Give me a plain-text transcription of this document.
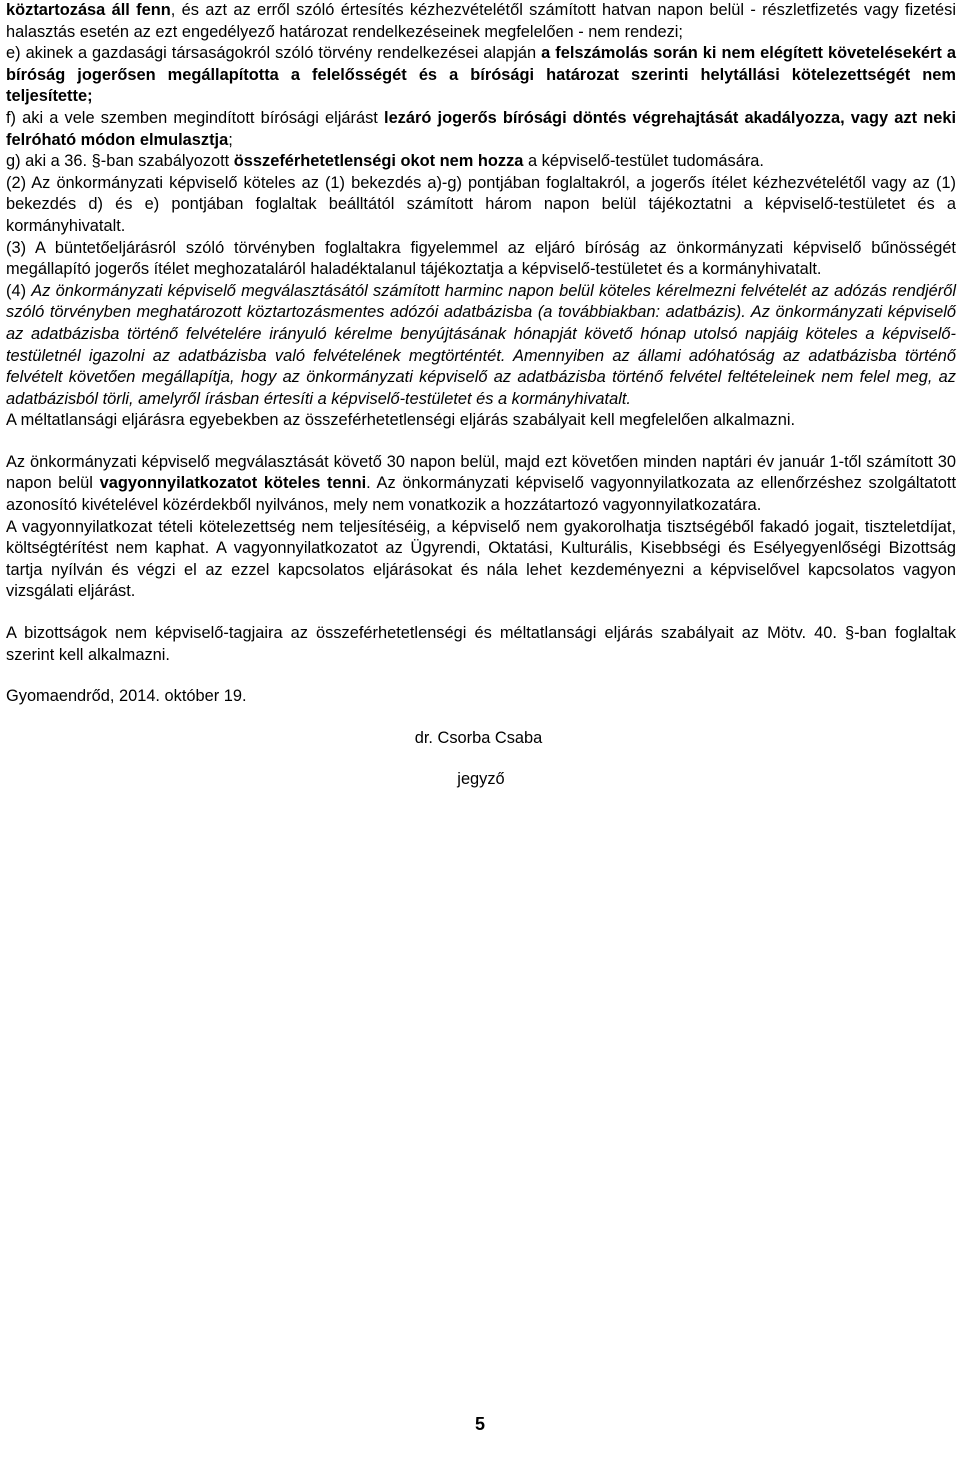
köztartozása áll fenn, és azt az erről szóló értesítés kézhezvételétől számított hatvan napon belül - részletfizetés vagy fizetési halasztás esetén az ezt engedélyező határozat rendelkezéseinek megfelelően - nem rendezi;

e) akinek a gazdasági társaságokról szóló törvény rendelkezései alapján a felszámolás során ki nem elégített követelésekért a bíróság jogerősen megállapította a felelősségét és a bírósági határozat szerinti helytállási kötelezettségét nem teljesítette;

f) aki a vele szemben megindított bírósági eljárást lezáró jogerős bírósági döntés végrehajtását akadályozza, vagy azt neki felróható módon elmulasztja;

g) aki a 36. §-ban szabályozott összeférhetetlenségi okot nem hozza a képviselő-testület tudomására.

(2) Az önkormányzati képviselő köteles az (1) bekezdés a)-g) pontjában foglaltakról, a jogerős ítélet kézhezvételétől vagy az (1) bekezdés d) és e) pontjában foglaltak beálltától számított három napon belül tájékoztatni a képviselő-testületet és a kormányhivatalt.

(3) A büntetőeljárásról szóló törvényben foglaltakra figyelemmel az eljáró bíróság az önkormányzati képviselő bűnösségét megállapító jogerős ítélet meghozataláról haladéktalanul tájékoztatja a képviselő-testületet és a kormányhivatalt.

(4) Az önkormányzati képviselő megválasztásától számított harminc napon belül köteles kérelmezni felvételét az adózás rendjéről szóló törvényben meghatározott köztartozásmentes adózói adatbázisba (a továbbiakban: adatbázis). Az önkormányzati képviselő az adatbázisba történő felvételére irányuló kérelme benyújtásának hónapját követő hónap utolsó napjáig köteles a képviselő-testületnél igazolni az adatbázisba való felvételének megtörténtét. Amennyiben az állami adóhatóság az adatbázisba történő felvételt követően megállapítja, hogy az önkormányzati képviselő az adatbázisba történő felvétel feltételeinek nem felel meg, az adatbázisból törli, amelyről írásban értesíti a képviselő-testületet és a kormányhivatalt.

A méltatlansági eljárásra egyebekben az összeférhetetlenségi eljárás szabályait kell megfelelően alkalmazni.

Az önkormányzati képviselő megválasztását követő 30 napon belül, majd ezt követően minden naptári év január 1-től számított 30 napon belül vagyonnyilatkozatot köteles tenni. Az önkormányzati képviselő vagyonnyilatkozata az ellenőrzéshez szolgáltatott azonosító kivételével közérdekből nyilvános, mely nem vonatkozik a hozzátartozó vagyonnyilatkozatára.

A vagyonnyilatkozat tételi kötelezettség nem teljesítéséig, a képviselő nem gyakorolhatja tisztségéből fakadó jogait, tiszteletdíjat, költségtérítést nem kaphat. A vagyonnyilatkozatot az Ügyrendi, Oktatási, Kulturális, Kisebbségi és Esélyegyenlőségi Bizottság tartja nyílván és végzi el az ezzel kapcsolatos eljárásokat és nála lehet kezdeményezni a képviselővel kapcsolatos vagyon vizsgálati eljárást.

A bizottságok nem képviselő-tagjaira az összeférhetetlenségi és méltatlansági eljárás szabályait az Mötv. 40. §-ban foglaltak szerint kell alkalmazni.

Gyomaendrőd, 2014. október 19.

dr. Csorba Csaba

jegyző

5
